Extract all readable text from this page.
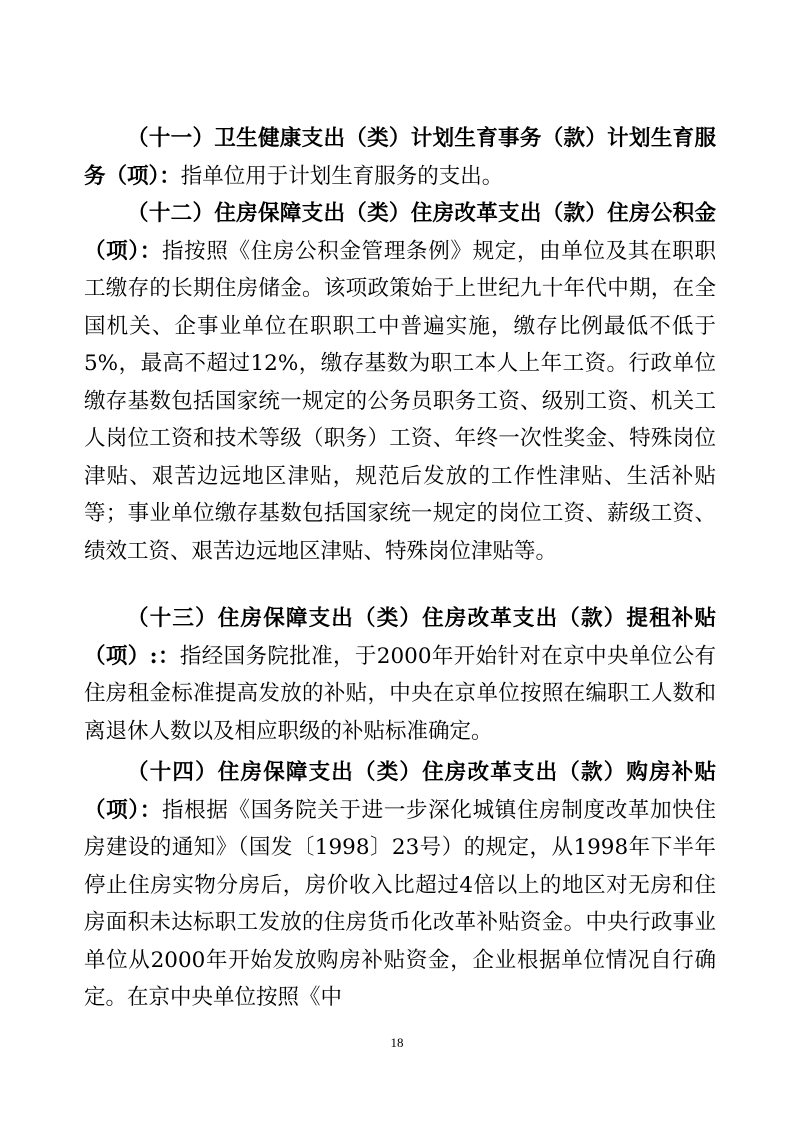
（十一）卫生健康支出（类）计划生育事务（款）计划生育服务（项）：指单位用于计划生育服务的支出。

（十二）住房保障支出（类）住房改革支出（款）住房公积金（项）：指按照《住房公积金管理条例》规定，由单位及其在职职工缴存的长期住房储金。该项政策始于上世纪九十年代中期，在全国机关、企事业单位在职职工中普遍实施，缴存比例最低不低于5%，最高不超过12%，缴存基数为职工本人上年工资。行政单位缴存基数包括国家统一规定的公务员职务工资、级别工资、机关工人岗位工资和技术等级（职务）工资、年终一次性奖金、特殊岗位津贴、艰苦边远地区津贴，规范后发放的工作性津贴、生活补贴等；事业单位缴存基数包括国家统一规定的岗位工资、薪级工资、绩效工资、艰苦边远地区津贴、特殊岗位津贴等。

（十三）住房保障支出（类）住房改革支出（款）提租补贴（项）:：指经国务院批准，于2000年开始针对在京中央单位公有住房租金标准提高发放的补贴，中央在京单位按照在编职工人数和离退休人数以及相应职级的补贴标准确定。

（十四）住房保障支出（类）住房改革支出（款）购房补贴（项）：指根据《国务院关于进一步深化城镇住房制度改革加快住房建设的通知》（国发〔1998〕23号）的规定，从1998年下半年停止住房实物分房后，房价收入比超过4倍以上的地区对无房和住房面积未达标职工发放的住房货币化改革补贴资金。中央行政事业单位从2000年开始发放购房补贴资金，企业根据单位情况自行确定。在京中央单位按照《中

18
